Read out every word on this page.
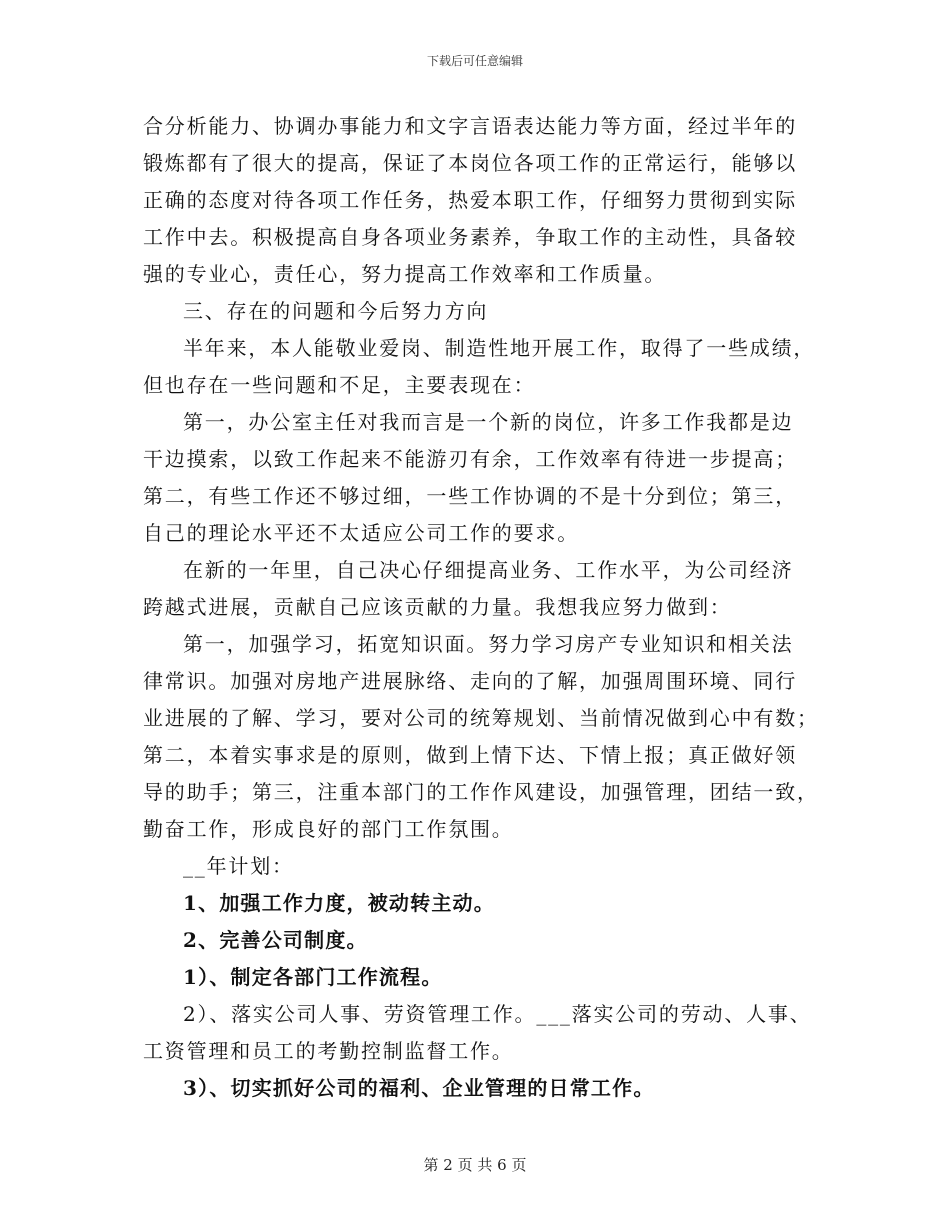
下载后可任意编辑
合分析能力、协调办事能力和文字言语表达能力等方面，经过半年的
锻炼都有了很大的提高，保证了本岗位各项工作的正常运行，能够以
正确的态度对待各项工作任务，热爱本职工作，仔细努力贯彻到实际
工作中去。积极提高自身各项业务素养，争取工作的主动性，具备较
强的专业心，责任心，努力提高工作效率和工作质量。
三、存在的问题和今后努力方向
半年来，本人能敬业爱岗、制造性地开展工作，取得了一些成绩，
但也存在一些问题和不足，主要表现在：
第一，办公室主任对我而言是一个新的岗位，许多工作我都是边
干边摸索，以致工作起来不能游刃有余，工作效率有待进一步提高；
第二，有些工作还不够过细，一些工作协调的不是十分到位；第三，
自己的理论水平还不太适应公司工作的要求。
在新的一年里，自己决心仔细提高业务、工作水平，为公司经济
跨越式进展，贡献自己应该贡献的力量。我想我应努力做到：
第一，加强学习，拓宽知识面。努力学习房产专业知识和相关法
律常识。加强对房地产进展脉络、走向的了解，加强周围环境、同行
业进展的了解、学习，要对公司的统筹规划、当前情况做到心中有数；
第二，本着实事求是的原则，做到上情下达、下情上报；真正做好领
导的助手；第三，注重本部门的工作作风建设，加强管理，团结一致，
勤奋工作，形成良好的部门工作氛围。
__年计划：
1、加强工作力度，被动转主动。
2、完善公司制度。
1）、制定各部门工作流程。
2）、落实公司人事、劳资管理工作。___落实公司的劳动、人事、
工资管理和员工的考勤控制监督工作。
3）、切实抓好公司的福利、企业管理的日常工作。
第 2 页 共 6 页
